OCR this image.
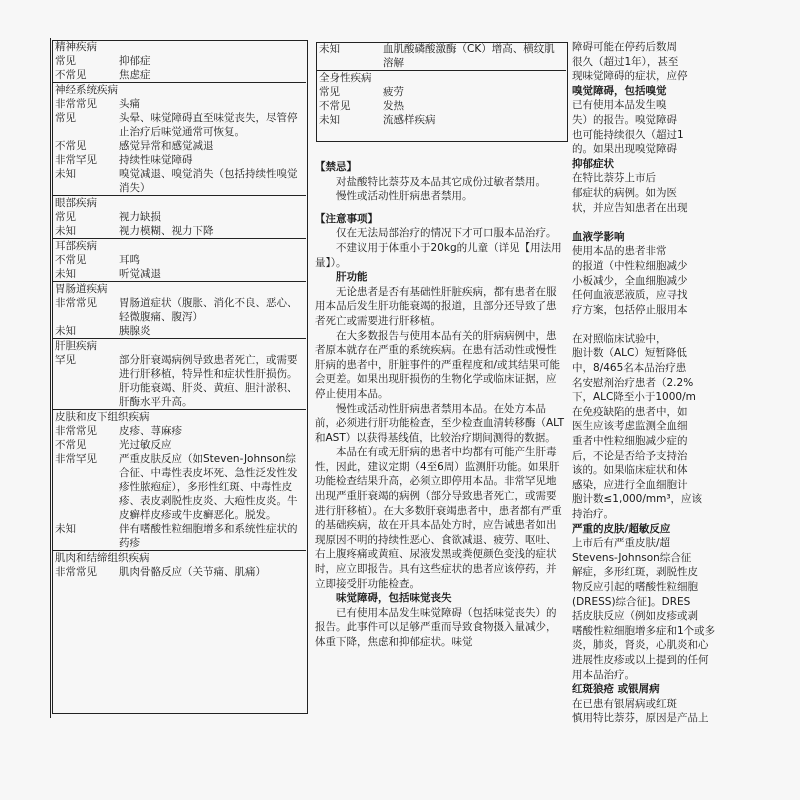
精神疾病	
常见	抑郁症
不常见	焦虑症
神经系统疾病	
非常常见	头痛
常见	头晕、味觉障碍直至味觉丧失，尽管停止治疗后味觉通常可恢复。
不常见	感觉异常和感觉减退
非常罕见	持续性味觉障碍
未知	嗅觉减退、嗅觉消失（包括持续性嗅觉消失）
眼部疾病	
常见	视力缺损
未知	视力模糊、视力下降
耳部疾病	
不常见	耳鸣
未知	听觉减退
胃肠道疾病	
非常常见	胃肠道症状（腹胀、消化不良、恶心、轻微腹痛、腹泻）
未知	胰腺炎
肝胆疾病	
罕见	部分肝衰竭病例导致患者死亡，或需要进行肝移植，特异性和症状性肝损伤。肝功能衰竭、肝炎、黄疸、胆汁淤积、肝酶水平升高。
皮肤和皮下组织疾病	
非常常见	皮疹、荨麻疹
不常见	光过敏反应
非常罕见	严重皮肤反应（如Steven-Johnson综合征、中毒性表皮坏死、急性泛发性发疹性脓疱症），多形性红斑、中毒性皮疹、表皮剥脱性皮炎、大疱性皮炎。牛皮癣样皮疹或牛皮癣恶化。脱发。
未知	伴有嗜酸性粒细胞增多和系统性症状的药疹
肌肉和结缔组织疾病	
非常常见	肌肉骨骼反应（关节痛、肌痛）
未知	血肌酸磷酸激酶（CK）增高、横纹肌溶解
全身性疾病	
常见	疲劳
不常见	发热
未知	流感样疾病

【禁忌】

对盐酸特比萘芬及本品其它成份过敏者禁用。

慢性或活动性肝病患者禁用。

【注意事项】

仅在无法局部治疗的情况下才可口服本品治疗。

不建议用于体重小于20kg的儿童（详见【用法用量】）。

肝功能

无论患者是否有基础性肝脏疾病，都有患者在服用本品后发生肝功能衰竭的报道，且部分还导致了患者死亡或需要进行肝移植。

在大多数报告与使用本品有关的肝病病例中，患者原本就存在严重的系统疾病。在患有活动性或慢性肝病的患者中，肝脏事件的严重程度和/或其结果可能会更差。如果出现肝损伤的生物化学或临床证据，应停止使用本品。

慢性或活动性肝病患者禁用本品。在处方本品前，必须进行肝功能检查，至少检查血清转移酶（ALT和AST）以获得基线值，比较治疗期间测得的数据。

本品在有或无肝病的患者中均都有可能产生肝毒性，因此，建议定期（4至6周）监测肝功能。如果肝功能检查结果升高，必须立即停用本品。非常罕见地出现严重肝衰竭的病例（部分导致患者死亡，或需要进行肝移植）。在大多数肝衰竭患者中，患者都有严重的基础疾病，故在开具本品处方时，应告诫患者如出现原因不明的持续性恶心、食欲减退、疲劳、呕吐、右上腹疼痛或黄疸、尿液发黑或粪便颜色变浅的症状时，应立即报告。具有这些症状的患者应该停药，并立即接受肝功能检查。

味觉障碍，包括味觉丧失

已有使用本品发生味觉障碍（包括味觉丧失）的报告。此事件可以足够严重而导致食物摄入量减少，体重下降，焦虑和抑郁症状。味觉

障碍可能在停药后数周

很久（超过1年），甚至

现味觉障碍的症状，应停

嗅觉障碍，包括嗅觉

已有使用本品发生嗅

失）的报告。嗅觉障碍

也可能持续很久（超过1

的。如果出现嗅觉障碍

抑郁症状

在特比萘芬上市后

郁症状的病例。如为医

状，并应告知患者在出现

血液学影响

使用本品的患者非常

的报道（中性粒细胞减少

小板减少，全血细胞减少

任何血液恶液质，应寻找

疗方案，包括停止服用本

在对照临床试验中，

胞计数（ALC）短暂降低

中，8/465名本品治疗患

名安慰剂治疗患者（2.2%

下，ALC降至小于1000/m

在免疫缺陷的患者中，如

医生应该考虑监测全血细

重者中性粒细胞减少症的

后，不论是否给予支持治

该的。如果临床症状和体

感染，应进行全血细胞计

胞计数≤1,000/mm³，应该

持治疗。

严重的皮肤/超敏反应

上市后有严重皮肤/超

Stevens-Johnson综合征

解症，多形红斑，剥脱性皮

物反应引起的嗜酸性粒细胞

(DRESS)综合征]。DRES

括皮肤反应（例如皮疹或剥

嗜酸性粒细胞增多症和1个或多

炎，肺炎，肾炎，心肌炎和心

进展性皮疹或以上提到的任何

用本品治疗。

红斑狼疮 或银屑病

在已患有银屑病或红斑

慎用特比萘芬，原因是产品上
